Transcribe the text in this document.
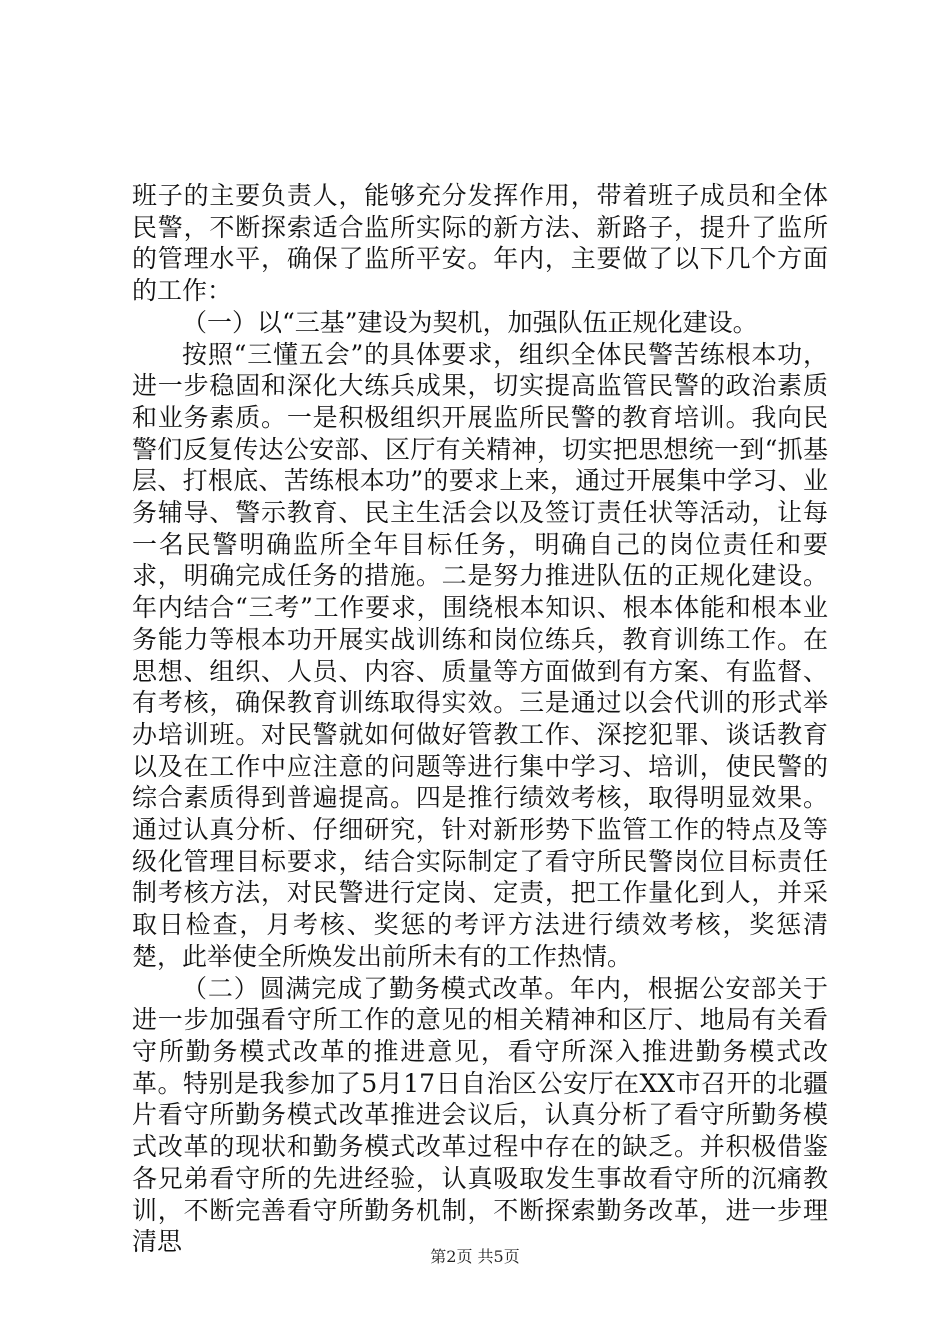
班子的主要负责人，能够充分发挥作用，带着班子成员和全体民警，不断探索适合监所实际的新方法、新路子，提升了监所的管理水平，确保了监所平安。年内，主要做了以下几个方面的工作：

（一）以“三基”建设为契机，加强队伍正规化建设。

按照“三懂五会”的具体要求，组织全体民警苦练根本功，进一步稳固和深化大练兵成果，切实提高监管民警的政治素质和业务素质。一是积极组织开展监所民警的教育培训。我向民警们反复传达公安部、区厅有关精神，切实把思想统一到“抓基层、打根底、苦练根本功”的要求上来，通过开展集中学习、业务辅导、警示教育、民主生活会以及签订责任状等活动，让每一名民警明确监所全年目标任务，明确自己的岗位责任和要求，明确完成任务的措施。二是努力推进队伍的正规化建设。年内结合“三考”工作要求，围绕根本知识、根本体能和根本业务能力等根本功开展实战训练和岗位练兵，教育训练工作。在思想、组织、人员、内容、质量等方面做到有方案、有监督、有考核，确保教育训练取得实效。三是通过以会代训的形式举办培训班。对民警就如何做好管教工作、深挖犯罪、谈话教育以及在工作中应注意的问题等进行集中学习、培训，使民警的综合素质得到普遍提高。四是推行绩效考核，取得明显效果。通过认真分析、仔细研究，针对新形势下监管工作的特点及等级化管理目标要求，结合实际制定了看守所民警岗位目标责任制考核方法，对民警进行定岗、定责，把工作量化到人，并采取日检查，月考核、奖惩的考评方法进行绩效考核，奖惩清楚，此举使全所焕发出前所未有的工作热情。

（二）圆满完成了勤务模式改革。年内，根据公安部关于进一步加强看守所工作的意见的相关精神和区厅、地局有关看守所勤务模式改革的推进意见，看守所深入推进勤务模式改革。特别是我参加了5月17日自治区公安厅在XX市召开的北疆片看守所勤务模式改革推进会议后，认真分析了看守所勤务模式改革的现状和勤务模式改革过程中存在的缺乏。并积极借鉴各兄弟看守所的先进经验，认真吸取发生事故看守所的沉痛教训，不断完善看守所勤务机制，不断探索勤务改革，进一步理清思

第2页 共5页
